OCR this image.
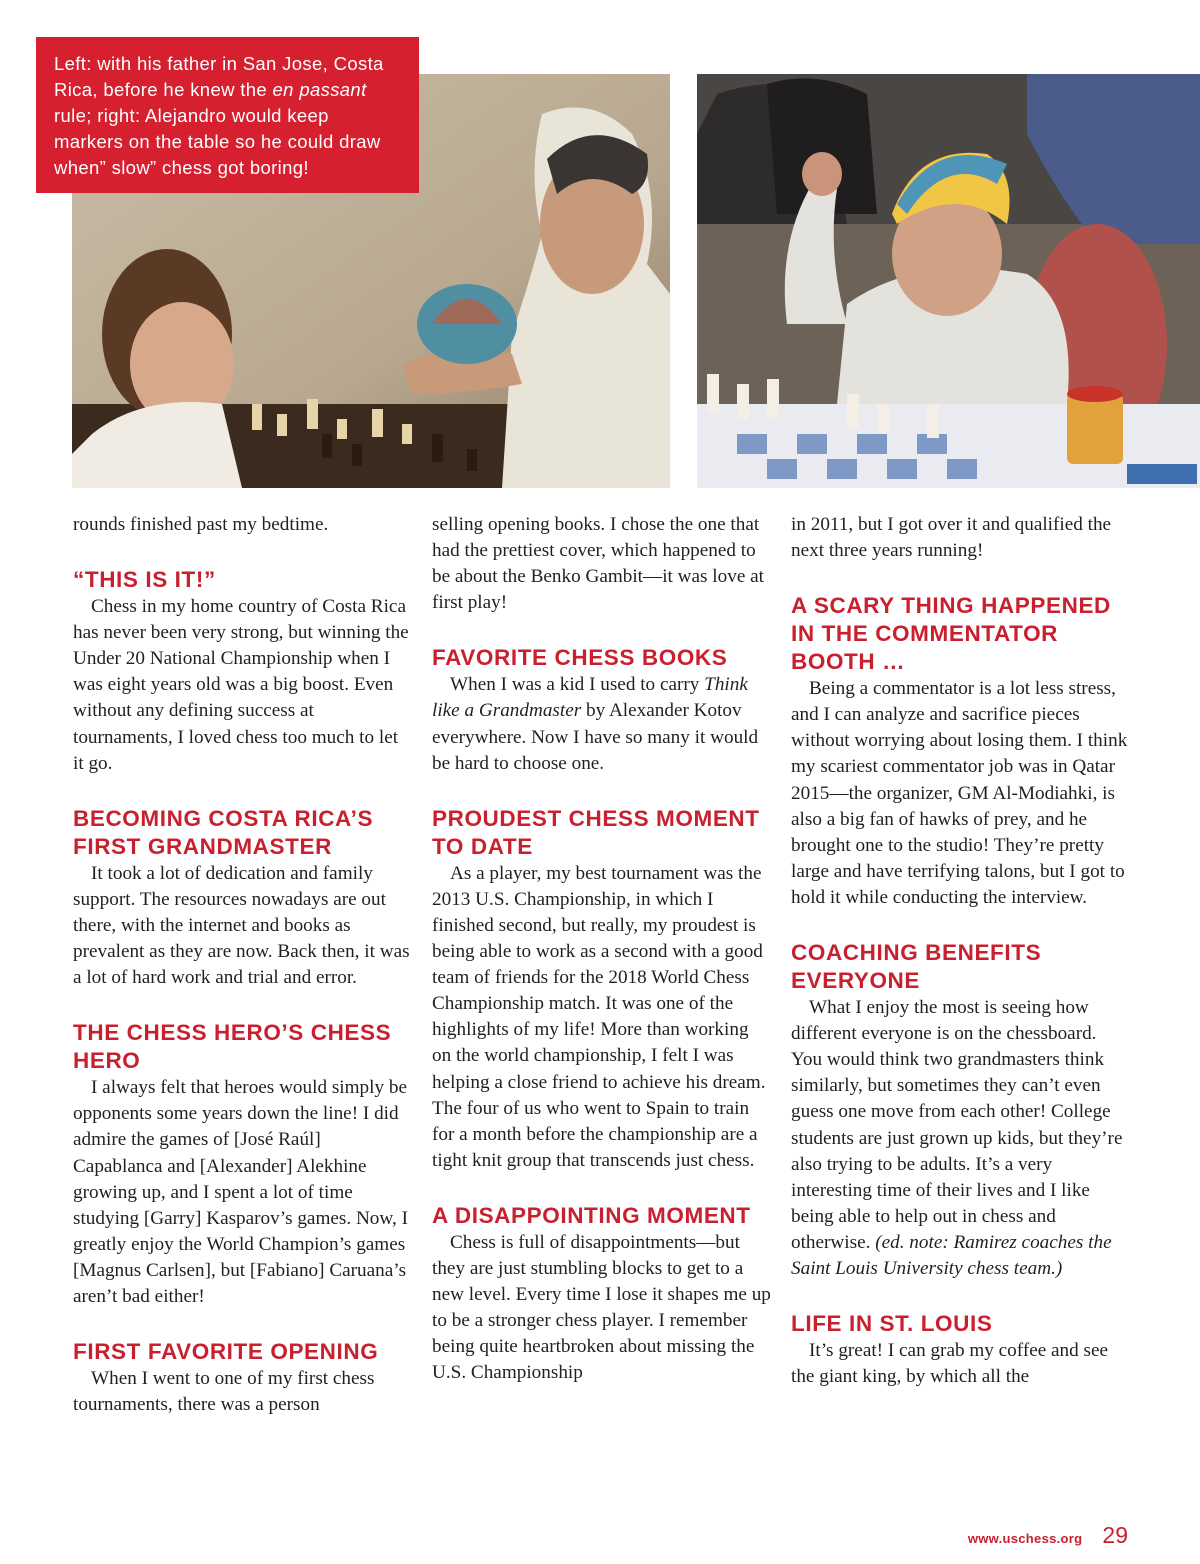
Left: with his father in San Jose, Costa Rica, before he knew the en passant rule; right: Alejandro would keep markers on the table so he could draw when” slow” chess got boring!

rounds finished past my bedtime.

“THIS IS IT!”

Chess in my home country of Costa Rica has never been very strong, but winning the Under 20 National Championship when I was eight years old was a big boost. Even without any defining success at tournaments, I loved chess too much to let it go.

BECOMING COSTA RICA’S FIRST GRANDMASTER

It took a lot of dedication and family support. The resources nowadays are out there, with the internet and books as prevalent as they are now. Back then, it was a lot of hard work and trial and error.

THE CHESS HERO’S CHESS HERO

I always felt that heroes would simply be opponents some years down the line! I did admire the games of [José Raúl] Capablanca and [Alexander] Alekhine growing up, and I spent a lot of time studying [Garry] Kasparov’s games. Now, I greatly enjoy the World Champion’s games [Magnus Carlsen], but [Fabiano] Caruana’s aren’t bad either!

FIRST FAVORITE OPENING

When I went to one of my first chess tournaments, there was a person

selling opening books. I chose the one that had the prettiest cover, which happened to be about the Benko Gambit—it was love at first play!

FAVORITE CHESS BOOKS

When I was a kid I used to carry Think like a Grandmaster by Alexander Kotov everywhere. Now I have so many it would be hard to choose one.

PROUDEST CHESS MOMENT TO DATE

As a player, my best tournament was the 2013 U.S. Championship, in which I finished second, but really, my proudest is being able to work as a second with a good team of friends for the 2018 World Chess Championship match. It was one of the highlights of my life! More than working on the world championship, I felt I was helping a close friend to achieve his dream. The four of us who went to Spain to train for a month before the championship are a tight knit group that transcends just chess.

A DISAPPOINTING MOMENT

Chess is full of disappointments—but they are just stumbling blocks to get to a new level. Every time I lose it shapes me up to be a stronger chess player. I remember being quite heartbroken about missing the U.S. Championship

in 2011, but I got over it and qualified the next three years running!

A SCARY THING HAPPENED IN THE COMMENTATOR BOOTH …

Being a commentator is a lot less stress, and I can analyze and sacrifice pieces without worrying about losing them. I think my scariest commentator job was in Qatar 2015—the organizer, GM Al-Modiahki, is also a big fan of hawks of prey, and he brought one to the studio! They’re pretty large and have terrifying talons, but I got to hold it while conducting the interview.

COACHING BENEFITS EVERYONE

What I enjoy the most is seeing how different everyone is on the chessboard. You would think two grandmasters think similarly, but sometimes they can’t even guess one move from each other! College students are just grown up kids, but they’re also trying to be adults. It’s a very interesting time of their lives and I like being able to help out in chess and otherwise. (ed. note: Ramirez coaches the Saint Louis University chess team.)

LIFE IN ST. LOUIS

It’s great! I can grab my coffee and see the giant king, by which all the

www.uschess.org 29
